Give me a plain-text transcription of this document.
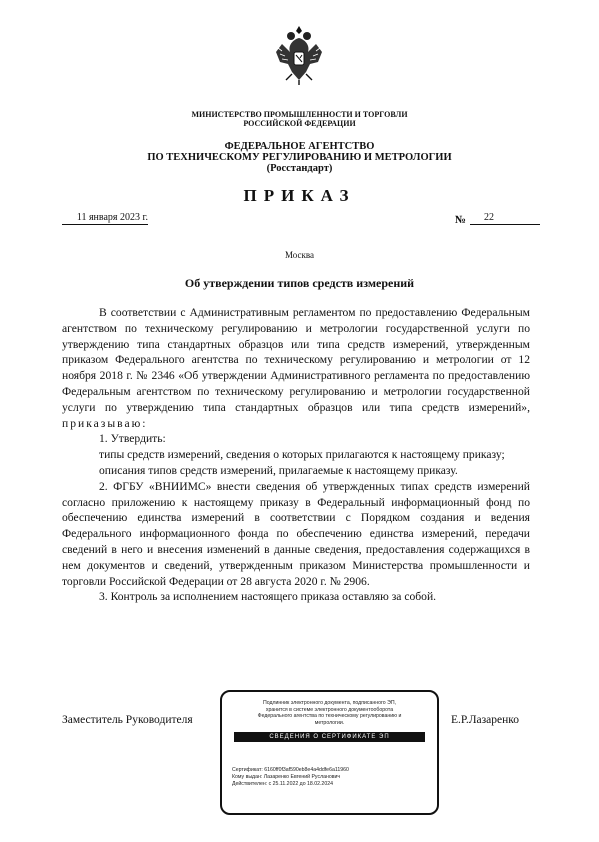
МИНИСТЕРСТВО ПРОМЫШЛЕННОСТИ И ТОРГОВЛИ
РОССИЙСКОЙ ФЕДЕРАЦИИ
ФЕДЕРАЛЬНОЕ АГЕНТСТВО
ПО ТЕХНИЧЕСКОМУ РЕГУЛИРОВАНИЮ И МЕТРОЛОГИИ
(Росстандарт)
ПРИКАЗ
11 января 2023 г.	№	22
Москва
Об утверждении типов средств измерений

В соответствии с Административным регламентом по предоставлению Федеральным агентством по техническому регулированию и метрологии государственной услуги по утверждению типа стандартных образцов или типа средств измерений, утвержденным приказом Федерального агентства по техническому регулированию и метрологии от 12 ноября 2018 г. № 2346 «Об утверждении Административного регламента по предоставлению Федеральным агентством по техническому регулированию и метрологии государственной услуги по утверждению типа стандартных образцов или типа средств измерений», приказываю:

1. Утвердить:

типы средств измерений, сведения о которых прилагаются к настоящему приказу;

описания типов средств измерений, прилагаемые к настоящему приказу.

2. ФГБУ «ВНИИМС» внести сведения об утвержденных типах средств измерений согласно приложению к настоящему приказу в Федеральный информационный фонд по обеспечению единства измерений в соответствии с Порядком создания и ведения Федерального информационного фонда по обеспечению единства измерений, передачи сведений в него и внесения изменений в данные сведения, предоставления содержащихся в нем документов и сведений, утвержденным приказом Министерства промышленности и торговли Российской Федерации от 28 августа 2020 г. № 2906.

3. Контроль за исполнением настоящего приказа оставляю за собой.

Заместитель Руководителя	Е.Р.Лазаренко
Подлинник электронного документа, подписанного ЭП,
хранится в системе электронного документооборота
Федерального агентства по техническому регулированию и
метрологии.
СВЕДЕНИЯ О СЕРТИФИКАТЕ ЭП
Сертификат: 6160ff0f3af590eb8e4a4ddfe6a11960
Кому выдан: Лазаренко Евгений Русланович
Действителен: с 25.11.2022 до 18.02.2024
